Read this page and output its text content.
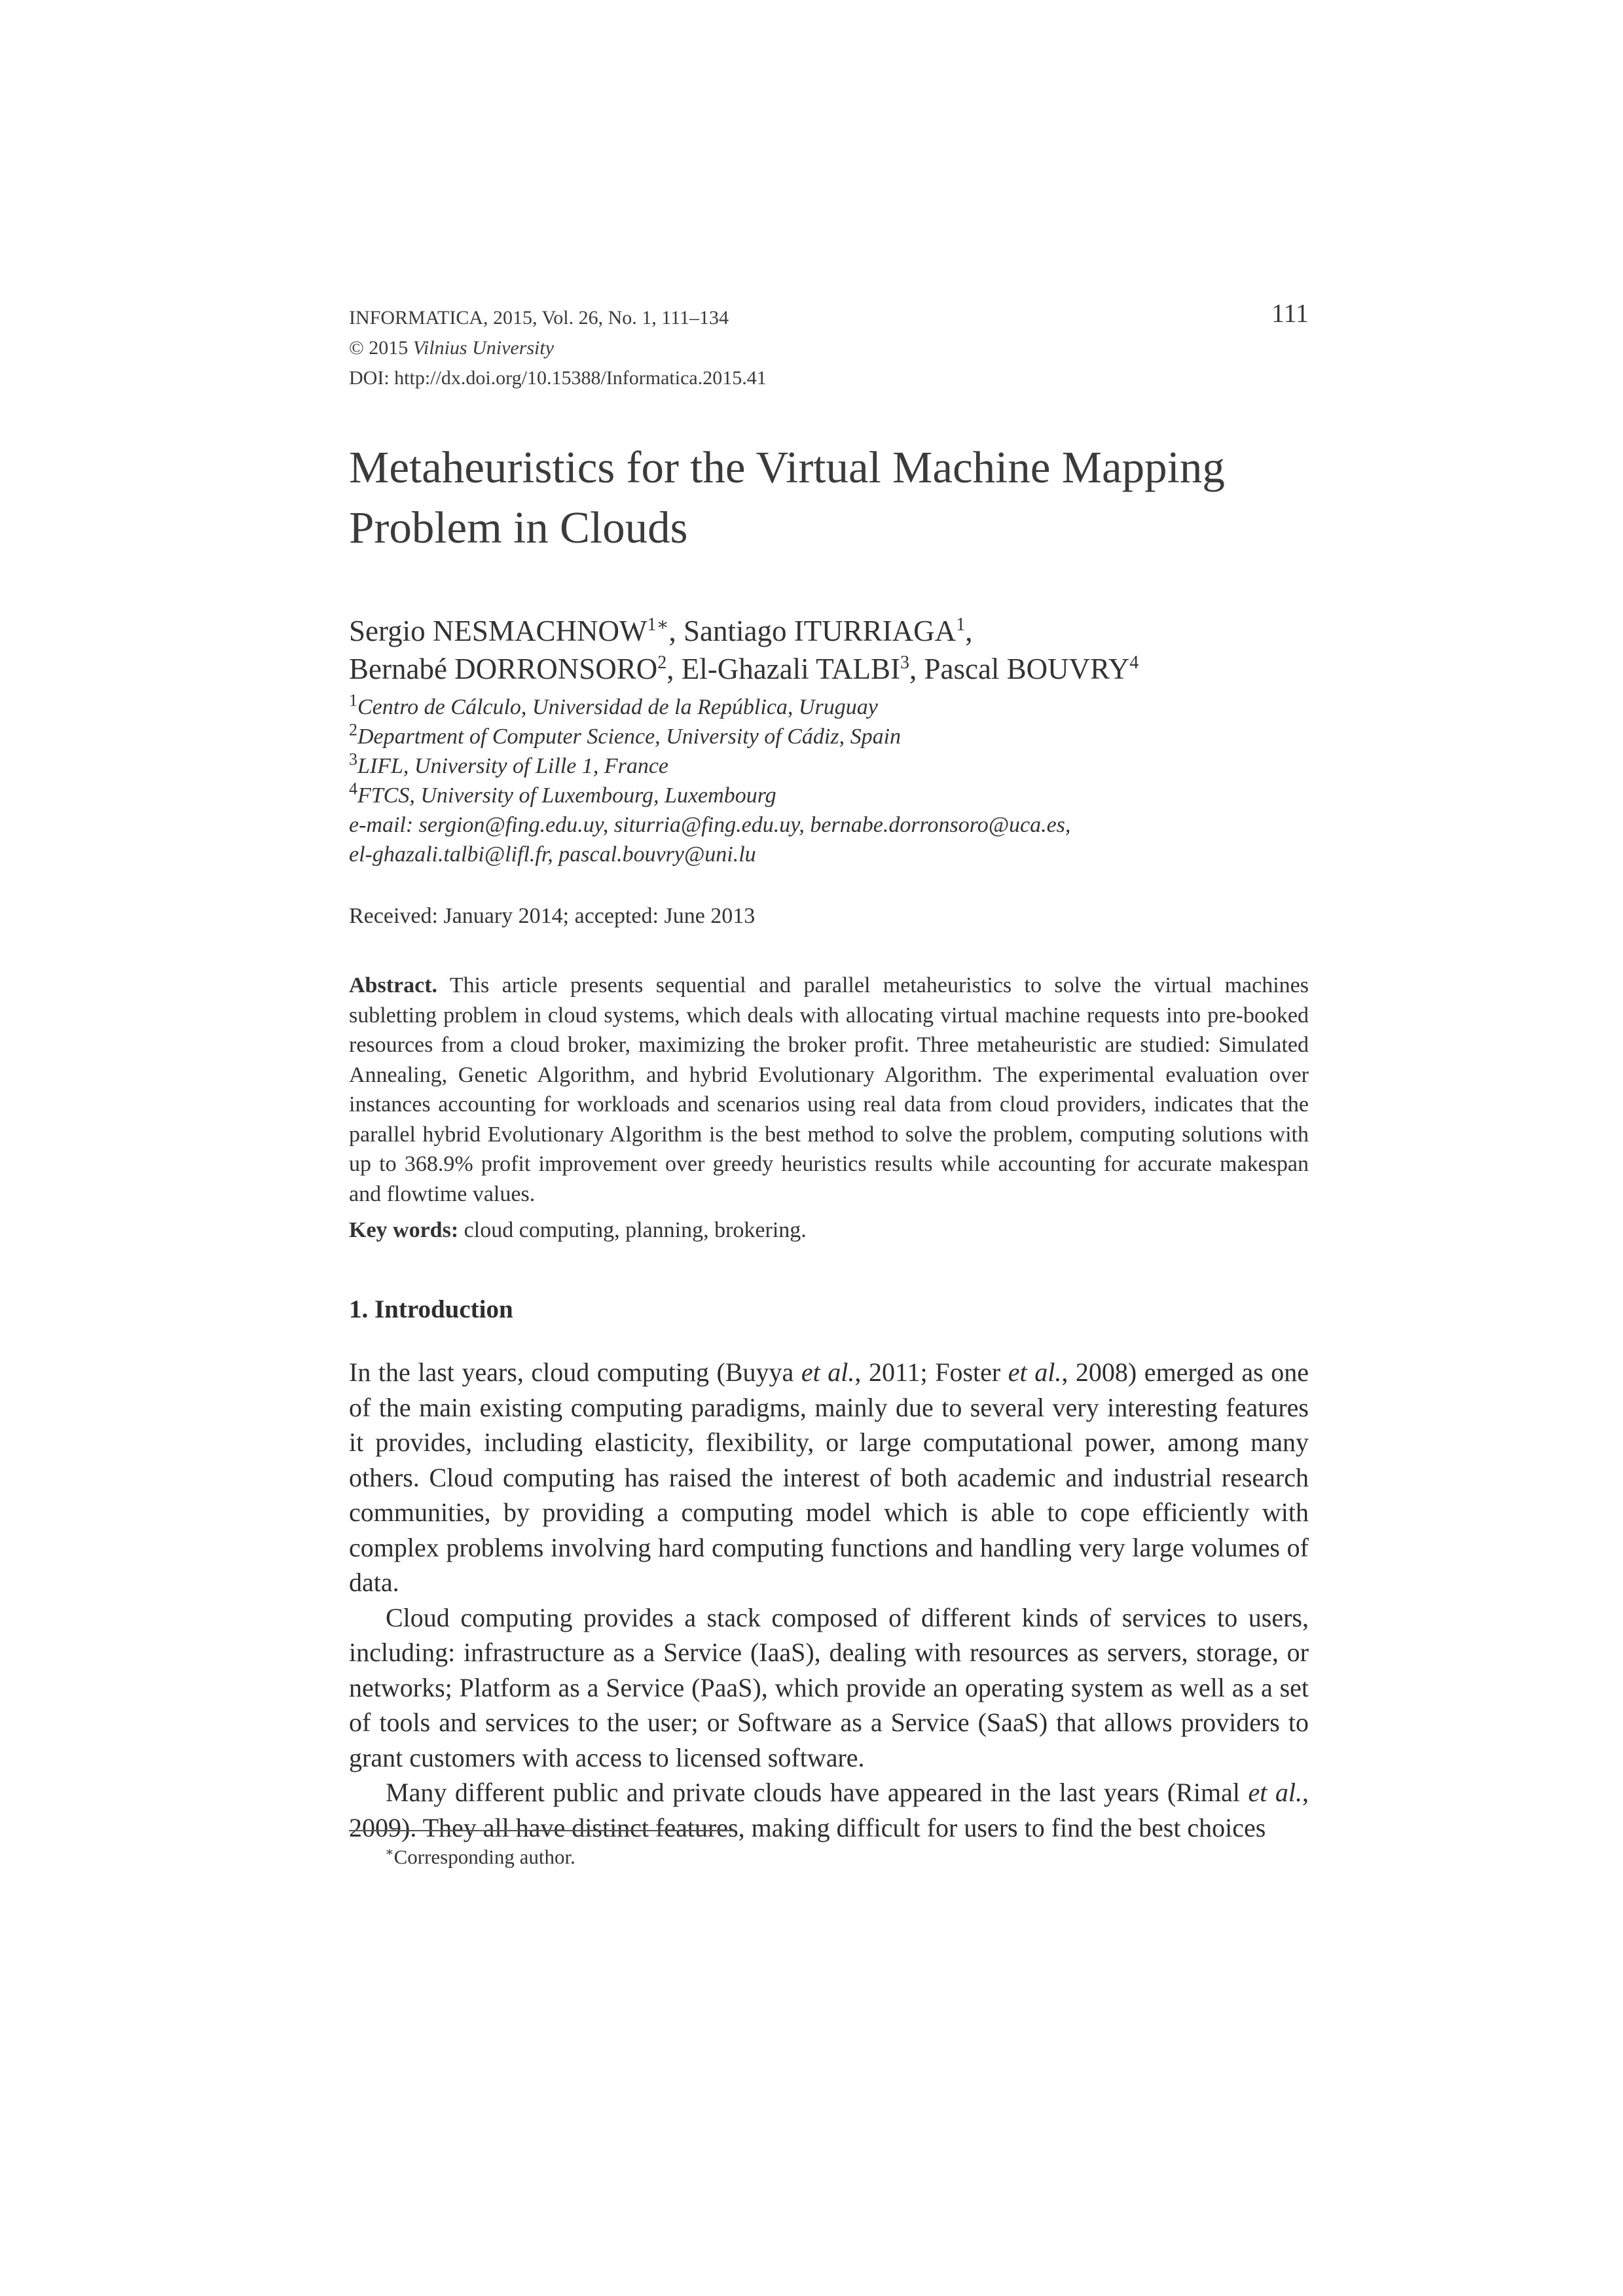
INFORMATICA, 2015, Vol. 26, No. 1, 111–134
© 2015 Vilnius University
DOI: http://dx.doi.org/10.15388/Informatica.2015.41
111
Metaheuristics for the Virtual Machine Mapping
Problem in Clouds
Sergio $NESMACHNOW^{1∗}$, Santiago ITURRIAGA$^1$,
Bernabé DORRONSORO$^2$, El-Ghazali TALBI$^3$, Pascal BOUVRY$^4$
$^1$Centro de Cálculo, Universidad de la República, Uruguay
$^2$Department of Computer Science, University of Cádiz, Spain
$^3$LIFL, University of Lille 1, France
$^4$FTCS, University of Luxembourg, Luxembourg
e-mail: sergion@fing.edu.uy, siturria@fing.edu.uy, bernabe.dorronsoro@uca.es,
el-ghazali.talbi@lifl.fr, pascal.bouvry@uni.lu
Received: January 2014; accepted: June 2013
Abstract. This article presents sequential and parallel metaheuristics to solve the virtual machines subletting problem in cloud systems, which deals with allocating virtual machine requests into pre-booked resources from a cloud broker, maximizing the broker profit. Three metaheuristic are studied: Simulated Annealing, Genetic Algorithm, and hybrid Evolutionary Algorithm. The experimental evaluation over instances accounting for workloads and scenarios using real data from cloud providers, indicates that the parallel hybrid Evolutionary Algorithm is the best method to solve the problem, computing solutions with up to 368.9% profit improvement over greedy heuristics results while accounting for accurate makespan and flowtime values.
Key words: cloud computing, planning, brokering.
1. Introduction

In the last years, cloud computing (Buyya et al., 2011; Foster et al., 2008) emerged as one of the main existing computing paradigms, mainly due to several very interesting features it provides, including elasticity, flexibility, or large computational power, among many others. Cloud computing has raised the interest of both academic and industrial research communities, by providing a computing model which is able to cope efficiently with complex problems involving hard computing functions and handling very large volumes of data.

Cloud computing provides a stack composed of different kinds of services to users, including: infrastructure as a Service (IaaS), dealing with resources as servers, storage, or networks; Platform as a Service (PaaS), which provide an operating system as well as a set of tools and services to the user; or Software as a Service (SaaS) that allows providers to grant customers with access to licensed software.

Many different public and private clouds have appeared in the last years (Rimal et al., 2009). They all have distinct features, making difficult for users to find the best choices

∗Corresponding author.
